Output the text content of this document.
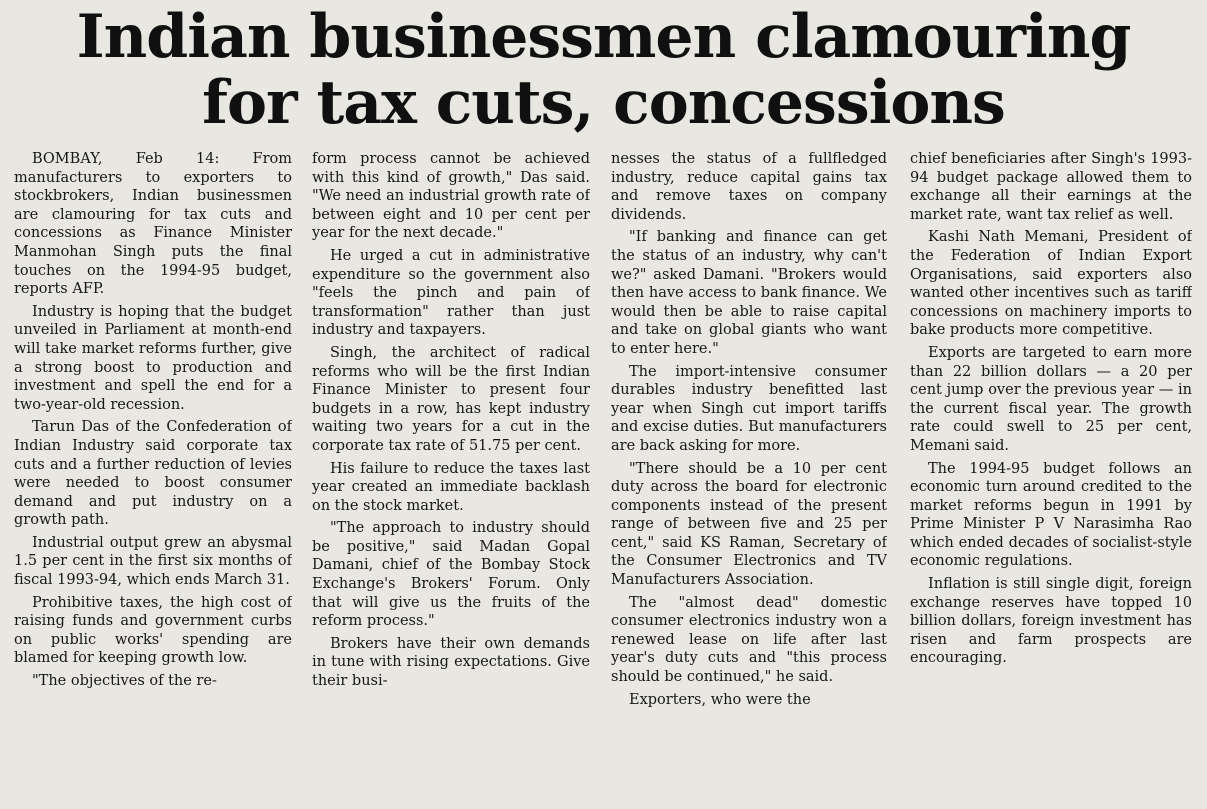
Indian businessmen clamouring
for tax cuts, concessions

BOMBAY, Feb 14: From manufacturers to exporters to stockbrokers, Indian businessmen are clamouring for tax cuts and concessions as Finance Minister Manmohan Singh puts the final touches on the 1994-95 budget, reports AFP.

Industry is hoping that the budget unveiled in Parliament at month-end will take market reforms further, give a strong boost to production and investment and spell the end for a two-year-old recession.

Tarun Das of the Confederation of Indian Industry said corporate tax cuts and a further reduction of levies were needed to boost consumer demand and put industry on a growth path.

Industrial output grew an abysmal 1.5 per cent in the first six months of fiscal 1993-94, which ends March 31.

Prohibitive taxes, the high cost of raising funds and government curbs on public works' spending are blamed for keeping growth low.

"The objectives of the re-

form process cannot be achieved with this kind of growth," Das said. "We need an industrial growth rate of between eight and 10 per cent per year for the next decade."

He urged a cut in administrative expenditure so the government also "feels the pinch and pain of transformation" rather than just industry and taxpayers.

Singh, the architect of radical reforms who will be the first Indian Finance Minister to present four budgets in a row, has kept industry waiting two years for a cut in the corporate tax rate of 51.75 per cent.

His failure to reduce the taxes last year created an immediate backlash on the stock market.

"The approach to industry should be positive," said Madan Gopal Damani, chief of the Bombay Stock Exchange's Brokers' Forum. Only that will give us the fruits of the reform process."

Brokers have their own demands in tune with rising expectations. Give their busi-

nesses the status of a fullfledged industry, reduce capital gains tax and remove taxes on company dividends.

"If banking and finance can get the status of an industry, why can't we?" asked Damani. "Brokers would then have access to bank finance. We would then be able to raise capital and take on global giants who want to enter here."

The import-intensive consumer durables industry benefitted last year when Singh cut import tariffs and excise duties. But manufacturers are back asking for more.

"There should be a 10 per cent duty across the board for electronic components instead of the present range of between five and 25 per cent," said KS Raman, Secretary of the Consumer Electronics and TV Manufacturers Association.

The "almost dead" domestic consumer electronics industry won a renewed lease on life after last year's duty cuts and "this process should be continued," he said.

Exporters, who were the

chief beneficiaries after Singh's 1993-94 budget package allowed them to exchange all their earnings at the market rate, want tax relief as well.

Kashi Nath Memani, President of the Federation of Indian Export Organisations, said exporters also wanted other incentives such as tariff concessions on machinery imports to bake products more competitive.

Exports are targeted to earn more than 22 billion dollars — a 20 per cent jump over the previous year — in the current fiscal year. The growth rate could swell to 25 per cent, Memani said.

The 1994-95 budget follows an economic turn around credited to the market reforms begun in 1991 by Prime Minister P V Narasimha Rao which ended decades of socialist-style economic regulations.

Inflation is still single digit, foreign exchange reserves have topped 10 billion dollars, foreign investment has risen and farm prospects are encouraging.
